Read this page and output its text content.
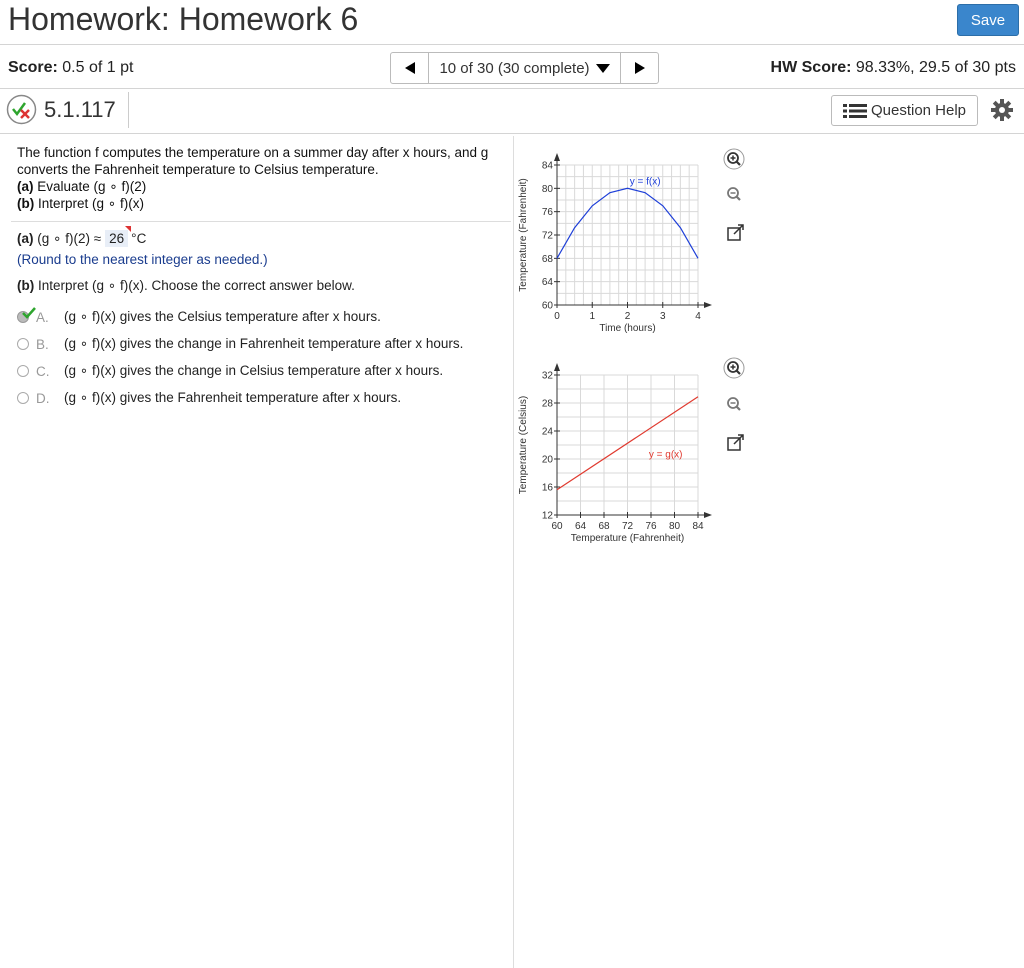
Homework: Homework 6	Save
Score: 0.5 of 1 pt	10 of 30 (30 complete)	HW Score: 98.33%, 29.5 of 30 pts
5.1.117	Question Help
The function f computes the temperature on a summer day after x hours, and g
converts the Fahrenheit temperature to Celsius temperature.
(a) Evaluate (g ∘ f)(2)
(b) Interpret (g ∘ f)(x)
(a)
(g ∘ f)(2) ≈ 26 °C
(Round to the nearest integer as needed.)
(b) Interpret (g ∘ f)(x). Choose the correct answer below.
A.	(g ∘ f)(x) gives the Celsius temperature after x hours.
B.	(g ∘ f)(x) gives the change in Fahrenheit temperature after x hours.
C.	(g ∘ f)(x) gives the change in Celsius temperature after x hours.
D.	(g ∘ f)(x) gives the Fahrenheit temperature after x hours.
0	1	2	3	4
60
64
68
72
76
80
84
Time (hours)
Temperature (Fahrenheit)	y = f(x)
60 64 68 72 76 80 84
12
16
20
24
28
32
Temperature (Fahrenheit)
Temperature (Celsius)	y = g(x)
